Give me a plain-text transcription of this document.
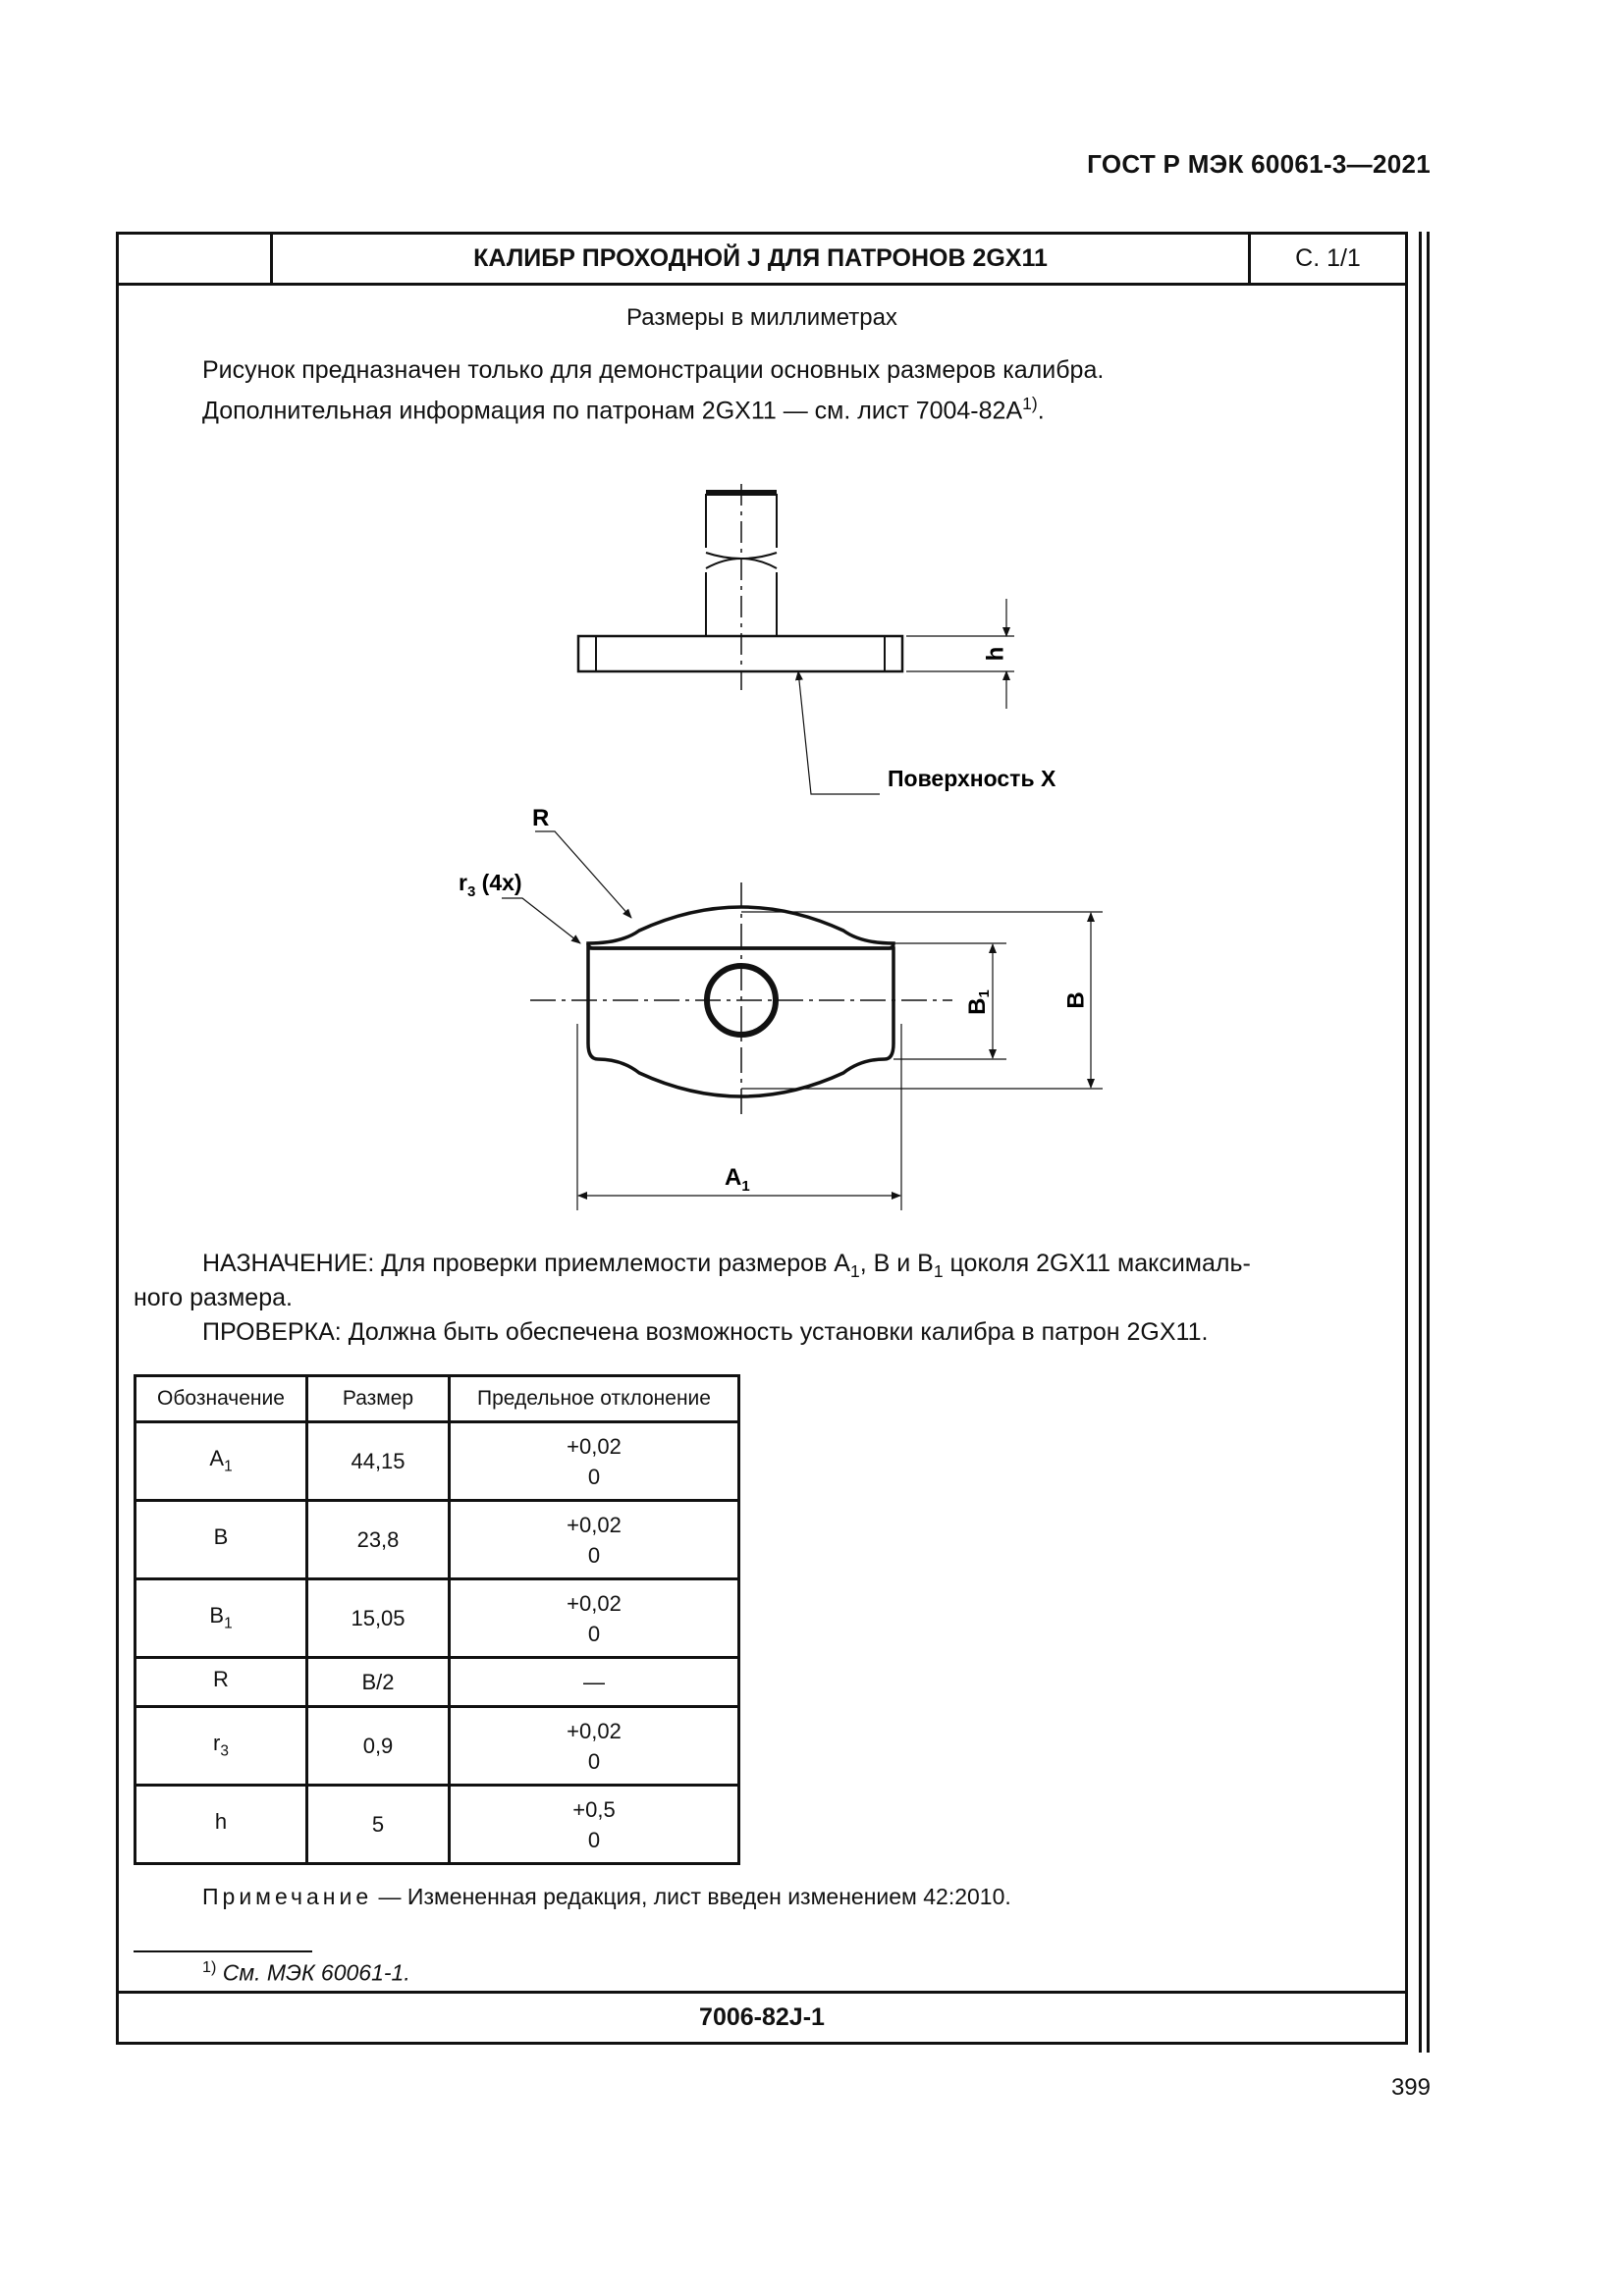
ГОСТ Р МЭК 60061-3—2021
КАЛИБР ПРОХОДНОЙ J ДЛЯ ПАТРОНОВ 2GX11	С. 1/1
Размеры в миллиметрах
Рисунок предназначен только для демонстрации основных размеров калибра.
Дополнительная информация по патронам 2GX11 — см. лист $7004-82A^{1)}$.
h
Поверхность X
R
$r_3$ (4x)
$B_1$	B
$A_1$
НАЗНАЧЕНИЕ: Для проверки приемлемости размеров $A_1$, B и $B_1$ цоколя 2GX11 максималь-
ного размера.
ПРОВЕРКА: Должна быть обеспечена возможность установки калибра в патрон 2GX11.
Обозначение	Размер	Предельное отклонение
$A_1$	44,15	+0,02
0

B	23,8	+0,02
0

$B_1$	15,05	+0,02
0

R	B/2	—

$r_3$	0,9	+0,02
0

h	5	+0,5
0
Примечание — Измененная редакция, лист введен изменением 42:2010.
$^{1)}$ См. МЭК 60061-1.
7006-82J-1
399
